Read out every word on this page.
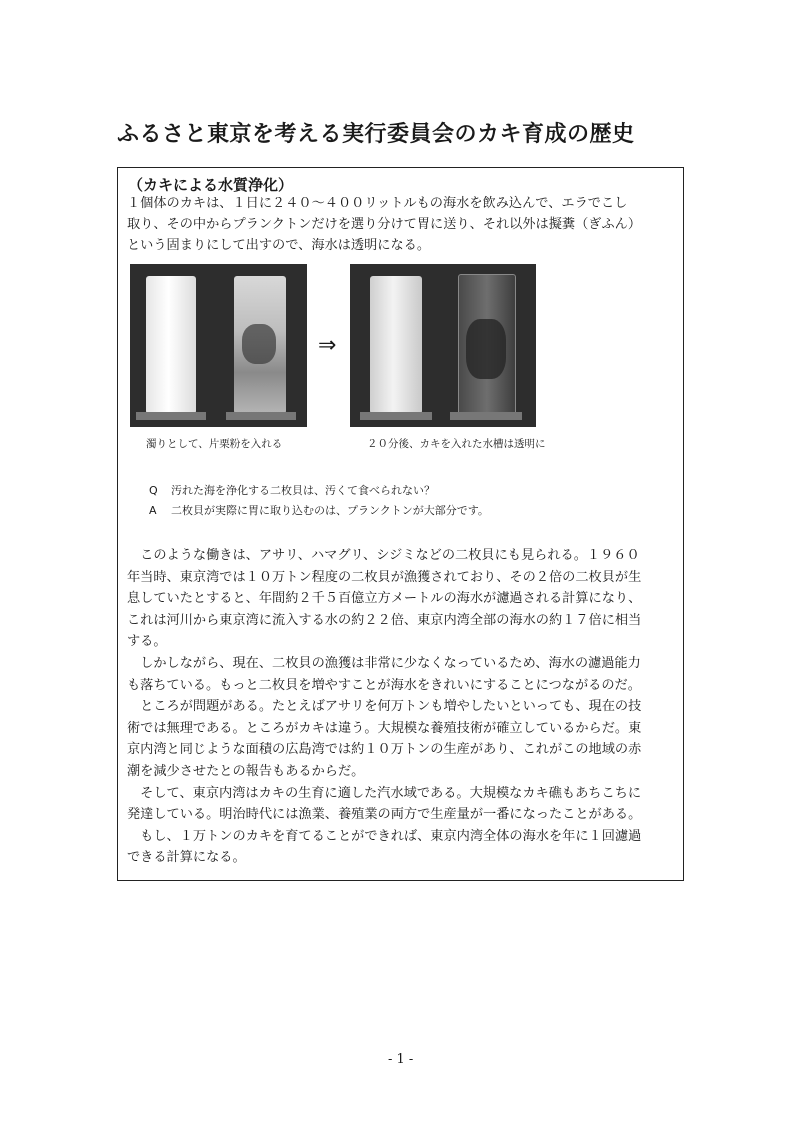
ふるさと東京を考える実行委員会のカキ育成の歴史
（カキによる水質浄化）
１個体のカキは、１日に２４０～４００リットルもの海水を飲み込んで、エラでこし
取り、その中からプランクトンだけを選り分けて胃に送り、それ以外は擬糞（ぎふん）
という固まりにして出すので、海水は透明になる。
⇒
濁りとして、片栗粉を入れる	２０分後、カキを入れた水槽は透明に
Q 汚れた海を浄化する二枚貝は、汚くて食べられない？
A 二枚貝が実際に胃に取り込むのは、プランクトンが大部分です。
　このような働きは、アサリ、ハマグリ、シジミなどの二枚貝にも見られる。１９６０
年当時、東京湾では１０万トン程度の二枚貝が漁獲されており、その２倍の二枚貝が生
息していたとすると、年間約２千５百億立方メートルの海水が濾過される計算になり、
これは河川から東京湾に流入する水の約２２倍、東京内湾全部の海水の約１７倍に相当
する。
　しかしながら、現在、二枚貝の漁獲は非常に少なくなっているため、海水の濾過能力
も落ちている。もっと二枚貝を増やすことが海水をきれいにすることにつながるのだ。
　ところが問題がある。たとえばアサリを何万トンも増やしたいといっても、現在の技
術では無理である。ところがカキは違う。大規模な養殖技術が確立しているからだ。東
京内湾と同じような面積の広島湾では約１０万トンの生産があり、これがこの地域の赤
潮を減少させたとの報告もあるからだ。
　そして、東京内湾はカキの生育に適した汽水域である。大規模なカキ礁もあちこちに
発達している。明治時代には漁業、養殖業の両方で生産量が一番になったことがある。
　もし、１万トンのカキを育てることができれば、東京内湾全体の海水を年に１回濾過
できる計算になる。
- 1 -
